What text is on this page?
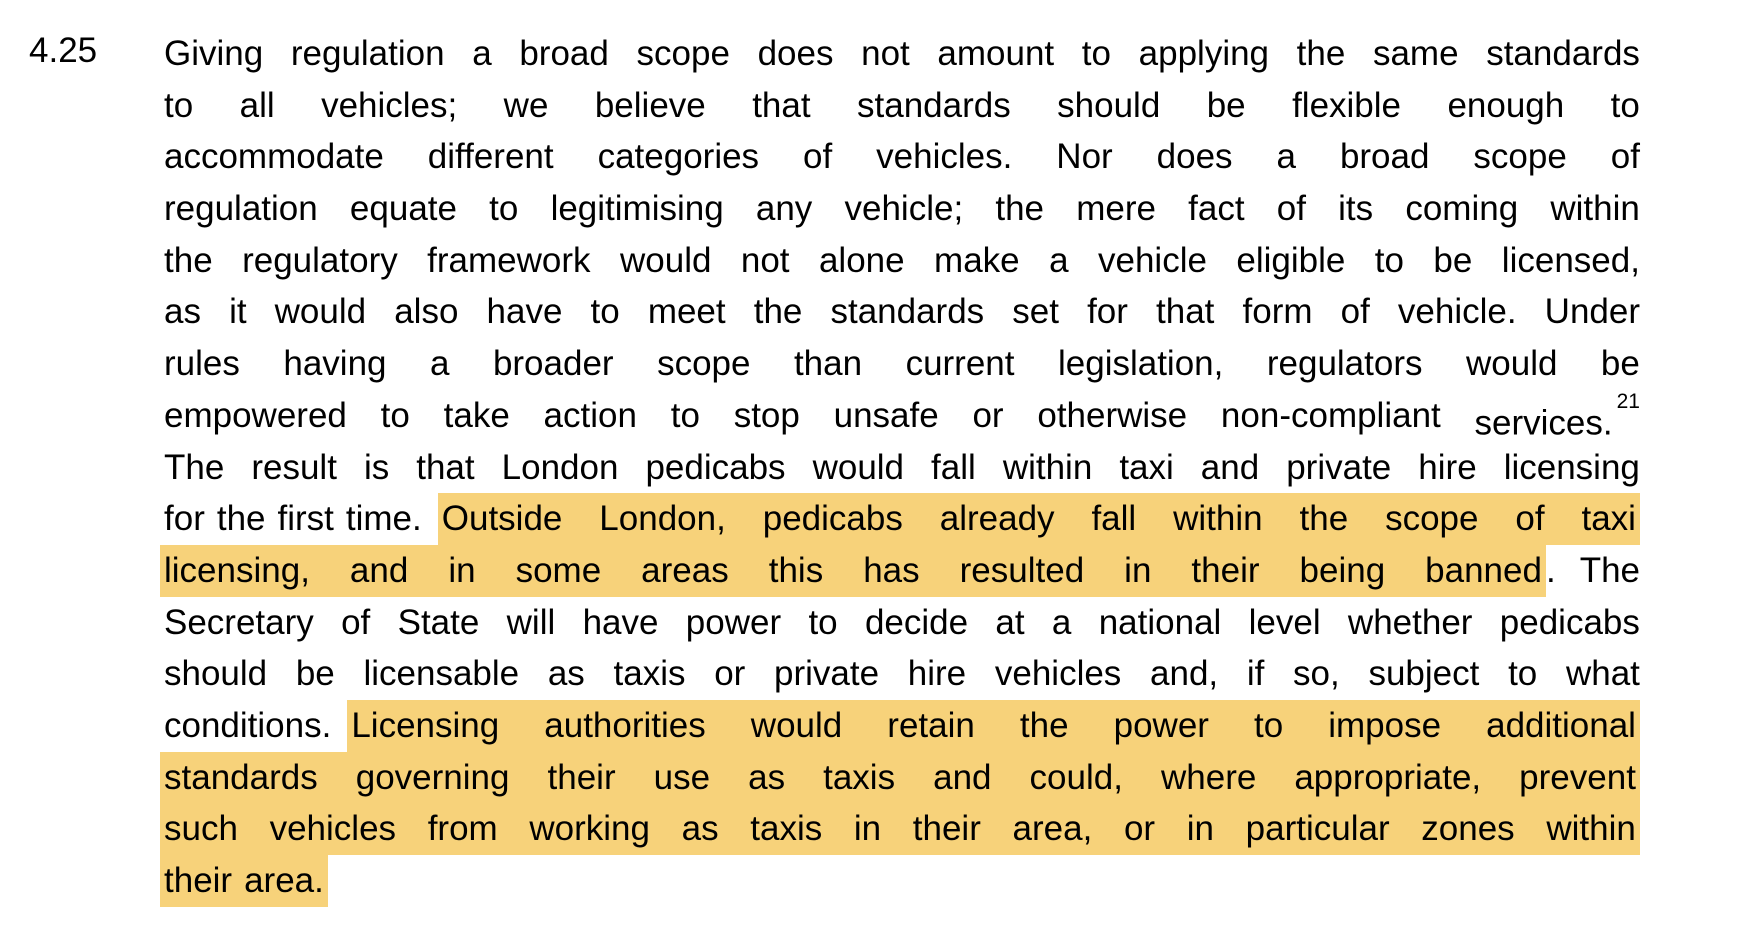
4.25 Giving regulation a broad scope does not amount to applying the same standards
to all vehicles; we believe that standards should be flexible enough to
accommodate different categories of vehicles. Nor does a broad scope of
regulation equate to legitimising any vehicle; the mere fact of its coming within
the regulatory framework would not alone make a vehicle eligible to be licensed,
as it would also have to meet the standards set for that form of vehicle. Under
rules having a broader scope than current legislation, regulators would be
empowered to take action to stop unsafe or otherwise non-compliant services.$^{21}$
The result is that London pedicabs would fall within taxi and private hire licensing
for the first time. Outside London, pedicabs already fall within the scope of taxi
licensing, and in some areas this has resulted in their being banned . The
Secretary of State will have power to decide at a national level whether pedicabs
should be licensable as taxis or private hire vehicles and, if so, subject to what
conditions. Licensing authorities would retain the power to impose additional
standards governing their use as taxis and could, where appropriate, prevent
such vehicles from working as taxis in their area, or in particular zones within
their area.
